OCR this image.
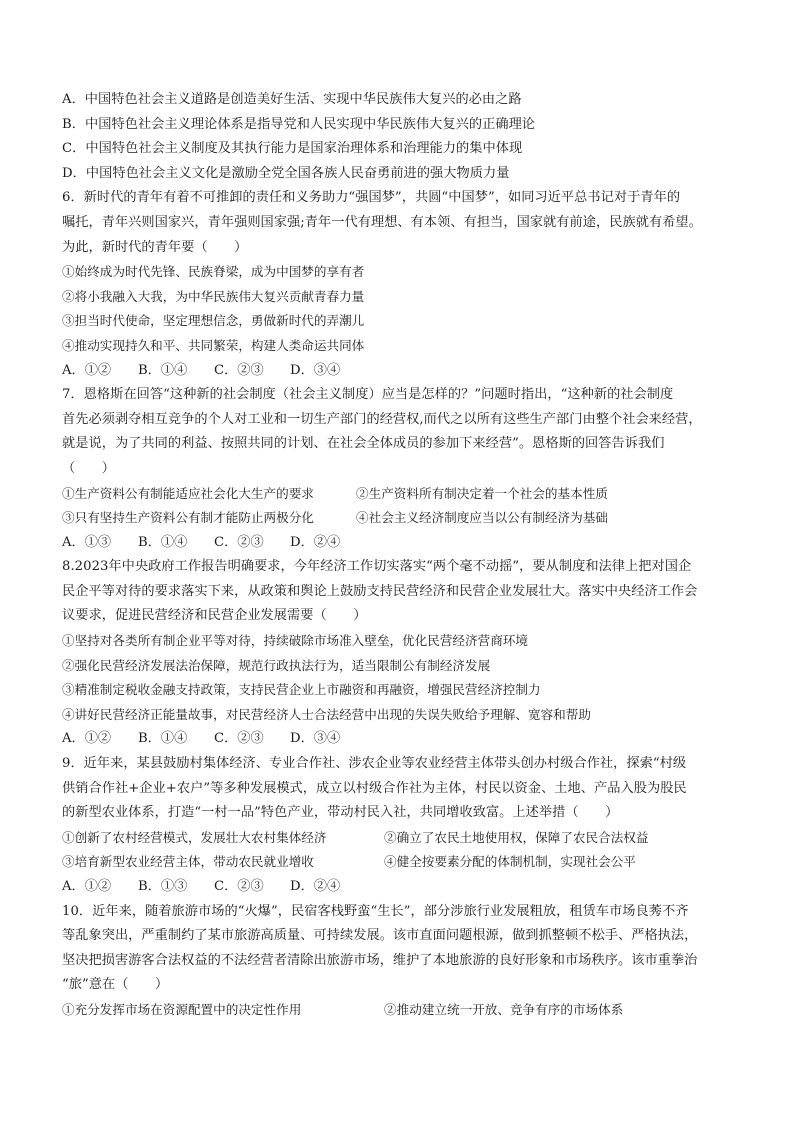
A．中国特色社会主义道路是创造美好生活、实现中华民族伟大复兴的必由之路
B．中国特色社会主义理论体系是指导党和人民实现中华民族伟大复兴的正确理论
C．中国特色社会主义制度及其执行能力是国家治理体系和治理能力的集中体现
D．中国特色社会主义文化是激励全党全国各族人民奋勇前进的强大物质力量
6．新时代的青年有着不可推卸的责任和义务助力“强国梦”，共圆“中国梦”，如同习近平总书记对于青年的
嘱托，青年兴则国家兴，青年强则国家强;青年一代有理想、有本领、有担当，国家就有前途，民族就有希望。
为此，新时代的青年要（　　）
①始终成为时代先锋、民族脊梁，成为中国梦的享有者
②将小我融入大我，为中华民族伟大复兴贡献青春力量
③担当时代使命，坚定理想信念，勇做新时代的弄潮儿
④推动实现持久和平、共同繁荣，构建人类命运共同体
A．①② B．①④ C．②③ D．③④
7．恩格斯在回答“这种新的社会制度（社会主义制度）应当是怎样的？”问题时指出，“这种新的社会制度
首先必须剥夺相互竞争的个人对工业和一切生产部门的经营权,而代之以所有这些生产部门由整个社会来经营，
就是说，为了共同的利益、按照共同的计划、在社会全体成员的参加下来经营”。恩格斯的回答告诉我们
（　　）
①生产资料公有制能适应社会化大生产的要求	②生产资料所有制决定着一个社会的基本性质
③只有坚持生产资料公有制才能防止两极分化	④社会主义经济制度应当以公有制经济为基础
A．①③ B．①④ C．②③ D．②④
8.2023年中央政府工作报告明确要求，今年经济工作切实落实“两个毫不动摇”，要从制度和法律上把对国企
民企平等对待的要求落实下来，从政策和舆论上鼓励支持民营经济和民营企业发展壮大。落实中央经济工作会
议要求，促进民营经济和民营企业发展需要（　　）
①坚持对各类所有制企业平等对待，持续破除市场准入壁垒，优化民营经济营商环境
②强化民营经济发展法治保障，规范行政执法行为，适当限制公有制经济发展
③精准制定税收金融支持政策，支持民营企业上市融资和再融资，增强民营经济控制力
④讲好民营经济正能量故事，对民营经济人士合法经营中出现的失误失败给予理解、宽容和帮助
A．①② B．①④ C．②③ D．③④
9．近年来，某县鼓励村集体经济、专业合作社、涉农企业等农业经营主体带头创办村级合作社，探索“村级
供销合作社+企业+农户”等多种发展模式，成立以村级合作社为主体，村民以资金、土地、产品入股为股民
的新型农业体系，打造“一村一品”特色产业，带动村民入社，共同增收致富。上述举措（　　）
①创新了农村经营模式，发展壮大农村集体经济	②确立了农民土地使用权，保障了农民合法权益
③培育新型农业经营主体，带动农民就业增收	④健全按要素分配的体制机制，实现社会公平
A．①② B．①③ C．②③ D．②④
10．近年来，随着旅游市场的“火爆”，民宿客栈野蛮“生长”，部分涉旅行业发展粗放，租赁车市场良莠不齐
等乱象突出，严重制约了某市旅游高质量、可持续发展。该市直面问题根源，做到抓整顿不松手、严格执法，
坚决把损害游客合法权益的不法经营者清除出旅游市场，维护了本地旅游的良好形象和市场秩序。该市重拳治
“旅”意在（　　）
①充分发挥市场在资源配置中的决定性作用	②推动建立统一开放、竞争有序的市场体系
